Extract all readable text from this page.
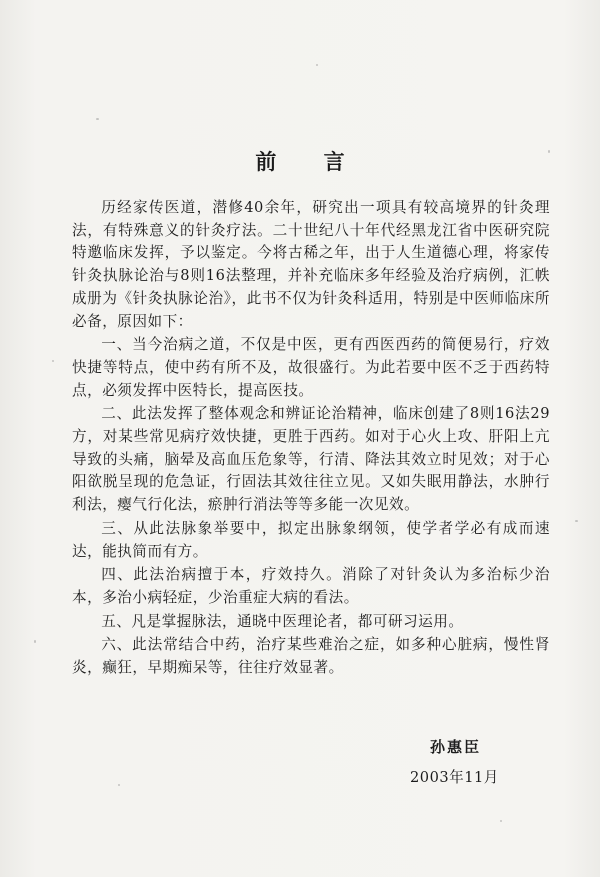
前 言

历经家传医道，潜修40余年，研究出一项具有较高境界的针灸理法，有特殊意义的针灸疗法。二十世纪八十年代经黑龙江省中医研究院特邀临床发挥，予以鉴定。今将古稀之年，出于人生道德心理，将家传针灸执脉论治与8则16法整理，并补充临床多年经验及治疗病例，汇帙成册为《针灸执脉论治》，此书不仅为针灸科适用，特别是中医师临床所必备，原因如下：

一、当今治病之道，不仅是中医，更有西医西药的简便易行，疗效快捷等特点，使中药有所不及，故很盛行。为此若要中医不乏于西药特点，必须发挥中医特长，提高医技。

二、此法发挥了整体观念和辨证论治精神，临床创建了8则16法29方，对某些常见病疗效快捷，更胜于西药。如对于心火上攻、肝阳上亢导致的头痛，脑晕及高血压危象等，行清、降法其效立时见效；对于心阳欲脱呈现的危急证，行固法其效往往立见。又如失眠用静法，水肿行利法，瘿气行化法，瘀肿行消法等等多能一次见效。

三、从此法脉象举要中，拟定出脉象纲领，使学者学必有成而速达，能执简而有方。

四、此法治病擅于本，疗效持久。消除了对针灸认为多治标少治本，多治小病轻症，少治重症大病的看法。

五、凡是掌握脉法，通晓中医理论者，都可研习运用。

六、此法常结合中药，治疗某些难治之症，如多种心脏病，慢性肾炎，癫狂，早期痴呆等，往往疗效显著。

孙惠臣
2003年11月
